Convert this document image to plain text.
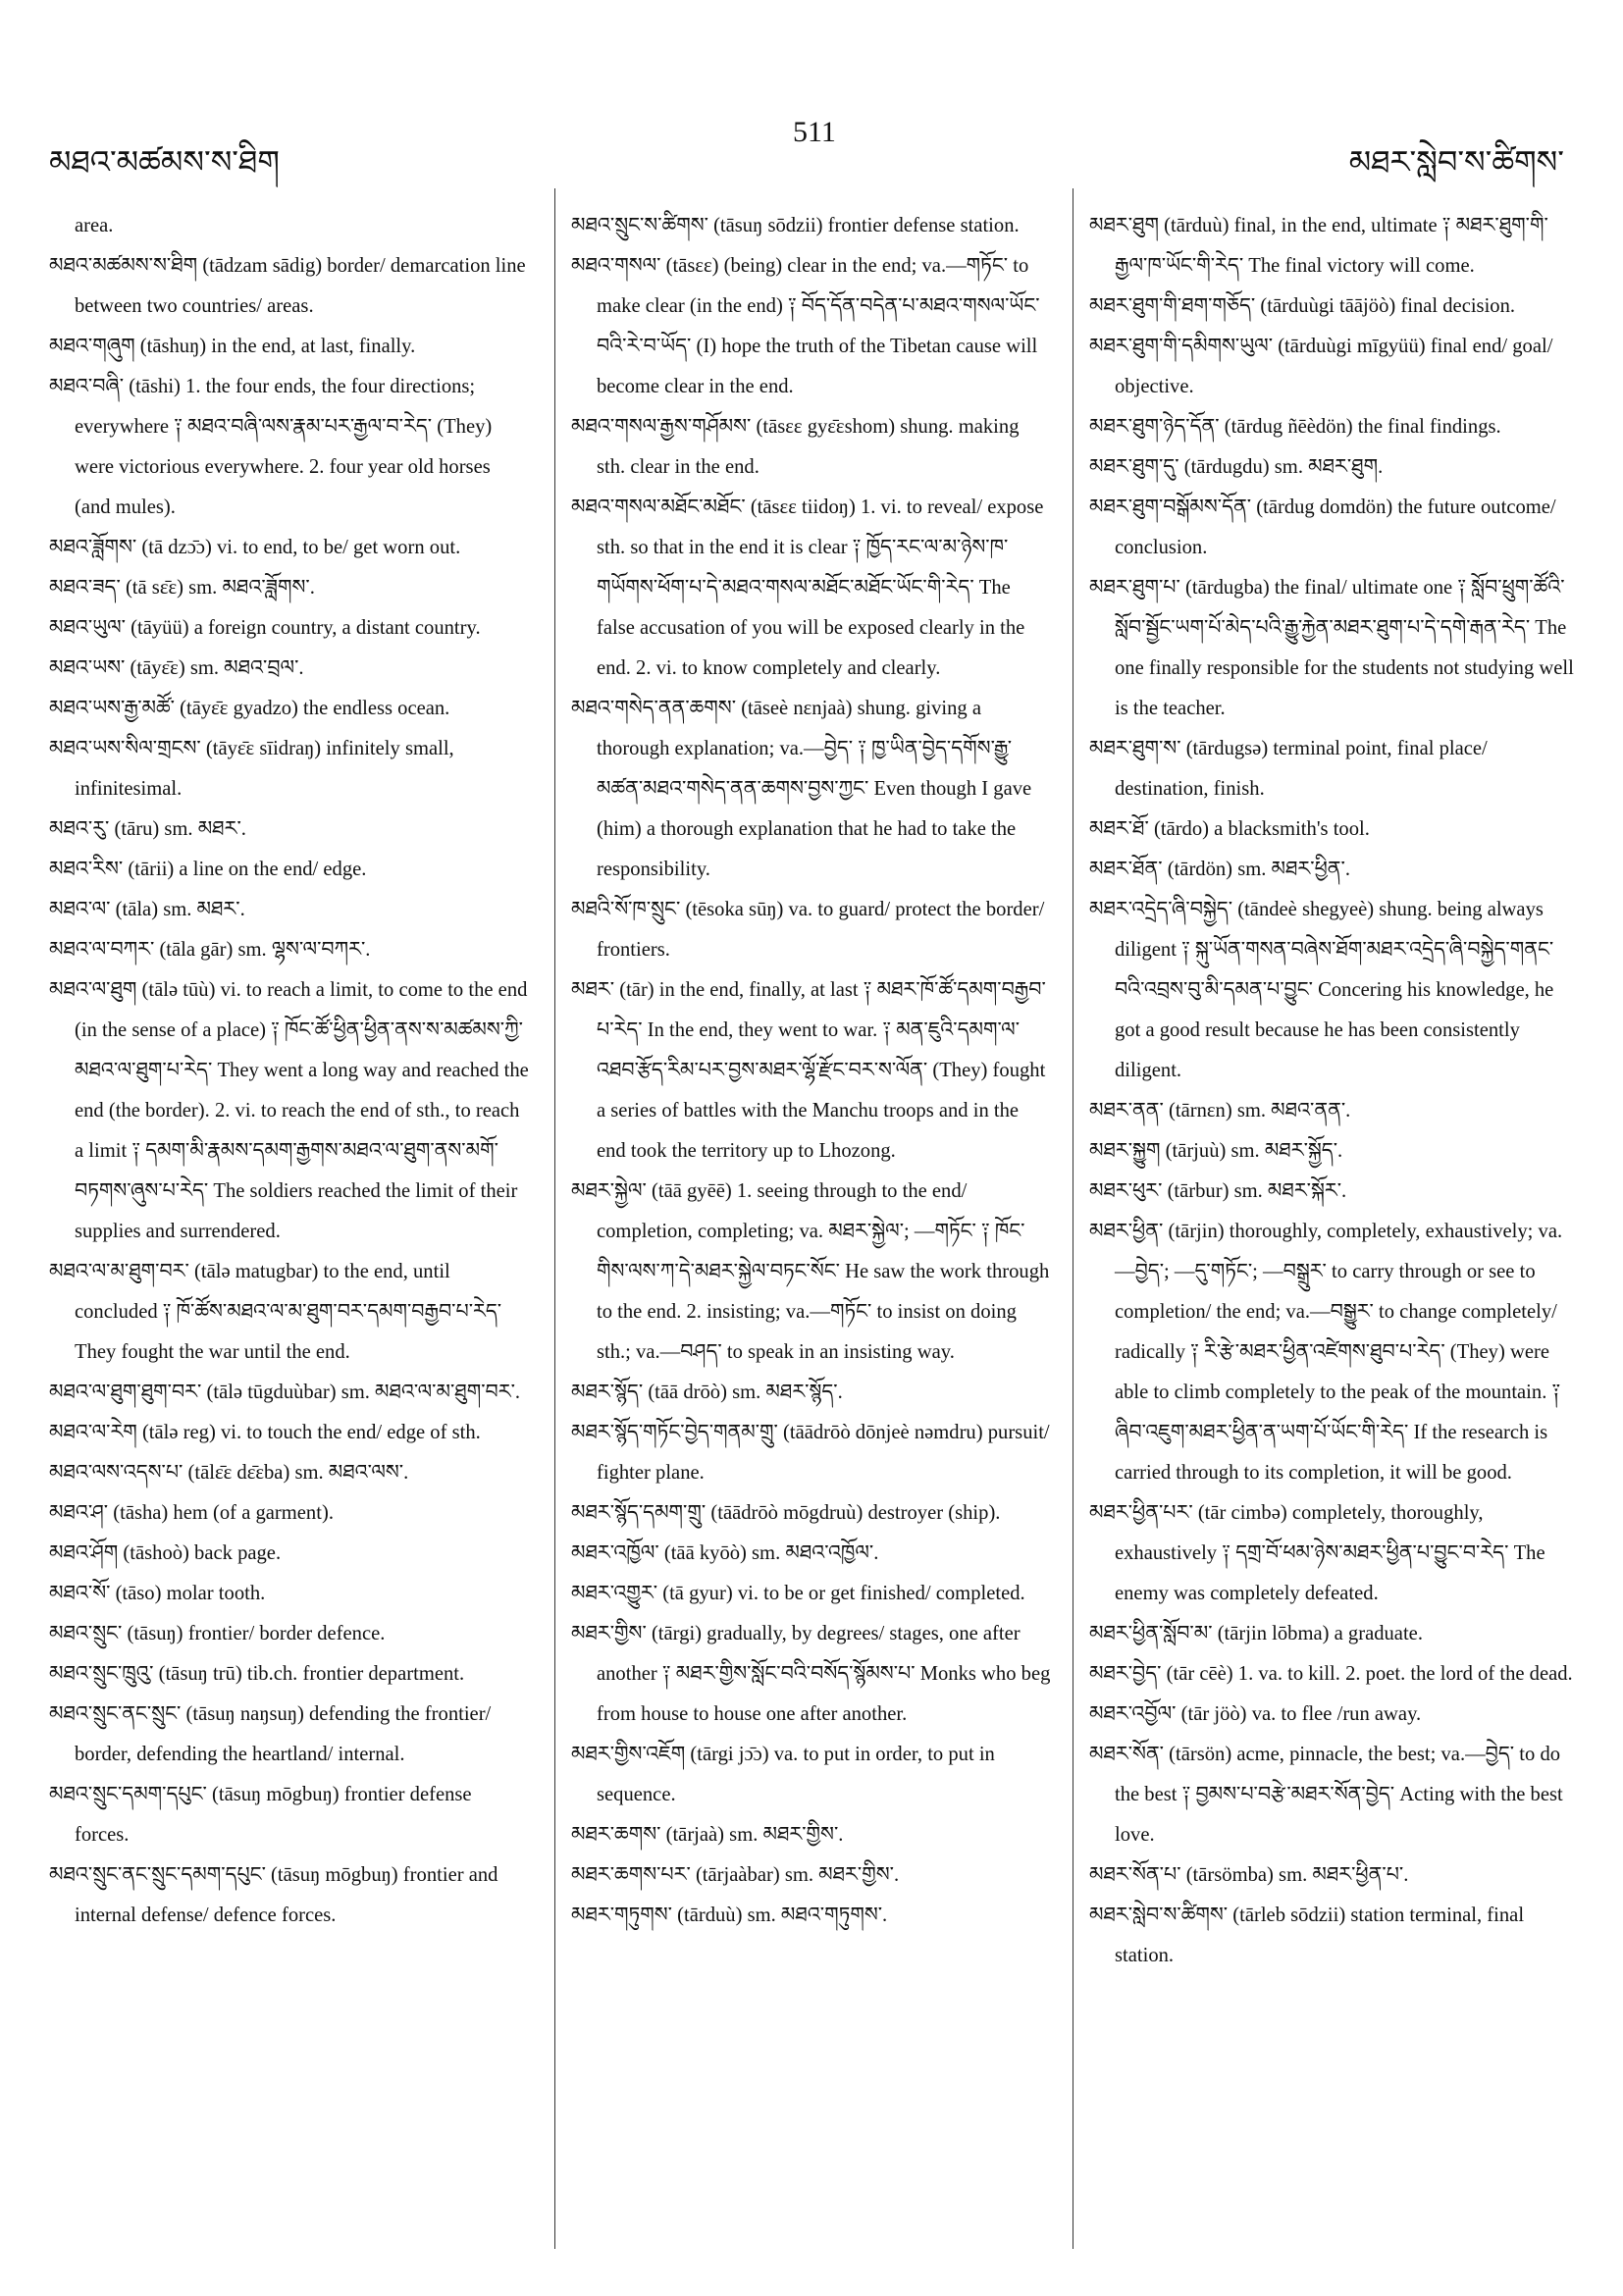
མཐའ་མཚམས་ས་ཐིག
511
མཐར་སླེབ་ས་ཚིགས་

area.

མཐའ་མཚམས་ས་ཐིག (tādzam sādig) border/ demarcation line between two countries/ areas.

མཐའ་གཞུག (tāshuŋ) in the end, at last, finally.

མཐའ་བཞི་ (tāshi) 1. the four ends, the four directions; everywhere ༑ མཐའ་བཞི་ལས་རྣམ་པར་རྒྱལ་བ་རེད་ (They) were victorious everywhere. 2. four year old horses (and mules).

མཐའ་ཟློགས་ (tā dzɔ̄ɔ) vi. to end, to be/ get worn out.

མཐའ་ཟད་ (tā sɛ̄ɛ) sm. མཐའ་ཟློགས་.

མཐའ་ཡུལ་ (tāyüü) a foreign country, a distant country.

མཐའ་ཡས་ (tāyɛ̄ɛ) sm. མཐའ་བྲལ་.

མཐའ་ཡས་རྒྱ་མཚོ་ (tāyɛ̄ɛ gyadzo) the endless ocean.

མཐའ་ཡས་སིལ་གྲངས་ (tāyɛ̄ɛ sīidraŋ) infinitely small, infinitesimal.

མཐའ་རུ་ (tāru) sm. མཐར་.

མཐའ་རིས་ (tārii) a line on the end/ edge.

མཐའ་ལ་ (tāla) sm. མཐར་.

མཐའ་ལ་བཀར་ (tāla gār) sm. ལྷས་ལ་བཀར་.

མཐའ་ལ་ཐུག (tālə tūù) vi. to reach a limit, to come to the end (in the sense of a place) ༑ ཁོང་ཚོ་ཕྱིན་ཕྱིན་ནས་ས་མཚམས་ཀྱི་མཐའ་ལ་ཐུག་པ་རེད་ They went a long way and reached the end (the border). 2. vi. to reach the end of sth., to reach a limit ༑ དམག་མི་རྣམས་དམག་རྒྱགས་མཐའ་ལ་ཐུག་ནས་མགོ་བཏགས་ཞུས་པ་རེད་ The soldiers reached the limit of their supplies and surrendered.

མཐའ་ལ་མ་ཐུག་བར་ (tālə matugbar) to the end, until concluded ༑ ཁོ་ཚོས་མཐའ་ལ་མ་ཐུག་བར་དམག་བརྒྱབ་པ་རེད་ They fought the war until the end.

མཐའ་ལ་ཐུག་ཐུག་བར་ (tālə tūgduùbar) sm. མཐའ་ལ་མ་ཐུག་བར་.

མཐའ་ལ་རེག (tālə reg) vi. to touch the end/ edge of sth.

མཐའ་ལས་འདས་པ་ (tālɛ̄ɛ dɛ̄ɛba) sm. མཐའ་ལས་.

མཐའ་ཤ་ (tāsha) hem (of a garment).

མཐའ་ཤོག (tāshoò) back page.

མཐའ་སོ་ (tāso) molar tooth.

མཐའ་སྲུང་ (tāsuŋ) frontier/ border defence.

མཐའ་སྲུང་ཁྲུའུ་ (tāsuŋ trū) tib.ch. frontier department.

མཐའ་སྲུང་ནང་སྲུང་ (tāsuŋ naŋsuŋ) defending the frontier/ border, defending the heartland/ internal.

མཐའ་སྲུང་དམག་དཔུང་ (tāsuŋ mōgbuŋ) frontier defense forces.

མཐའ་སྲུང་ནང་སྲུང་དམག་དཔུང་ (tāsuŋ mōgbuŋ) frontier and internal defense/ defence forces.

མཐའ་སྲུང་ས་ཚིགས་ (tāsuŋ sōdzii) frontier defense station.

མཐའ་གསལ་ (tāsɛɛ) (being) clear in the end; va.—གཏོང་ to make clear (in the end) ༑ བོད་དོན་བདེན་པ་མཐའ་གསལ་ཡོང་བའི་རེ་བ་ཡོད་ (I) hope the truth of the Tibetan cause will become clear in the end.

མཐའ་གསལ་རྒྱས་གཤོམས་ (tāsɛɛ gyɛ̄ɛshom) shung. making sth. clear in the end.

མཐའ་གསལ་མཐོང་མཐོང་ (tāsɛɛ tiidoŋ) 1. vi. to reveal/ expose sth. so that in the end it is clear ༑ ཁྱོད་རང་ལ་མ་ཉེས་ཁ་གཡོགས་ཕོག་པ་དེ་མཐའ་གསལ་མཐོང་མཐོང་ཡོང་གི་རེད་ The false accusation of you will be exposed clearly in the end. 2. vi. to know completely and clearly.

མཐའ་གསེད་ནན་ཆགས་ (tāseè nɛnjaà) shung. giving a thorough explanation; va.—བྱེད་ ༑ ཁྱ་ཡིན་བྱེད་དགོས་རྒྱུ་མཚན་མཐའ་གསེད་ནན་ཆགས་བྱས་ཀྱང་ Even though I gave (him) a thorough explanation that he had to take the responsibility.

མཐའི་སོ་ཁ་སྲུང་ (tēsoka sūŋ) va. to guard/ protect the border/ frontiers.

མཐར་ (tār) in the end, finally, at last ༑ མཐར་ཁོ་ཚོ་དམག་བརྒྱབ་པ་རེད་ In the end, they went to war. ༑ མན་ཇུའི་དམག་ལ་འཐབ་རྩོད་རིམ་པར་བྱས་མཐར་ལྷོ་རྫོང་བར་ས་ལོན་ (They) fought a series of battles with the Manchu troops and in the end took the territory up to Lhozong.

མཐར་སྐྱེལ་ (tāā gyēē) 1. seeing through to the end/ completion, completing; va. མཐར་སྐྱེལ་; —གཏོང་ ༑ ཁོང་གིས་ལས་ཀ་དེ་མཐར་སྐྱེལ་བཏང་སོང་ He saw the work through to the end. 2. insisting; va.—གཏོང་ to insist on doing sth.; va.—བཤད་ to speak in an insisting way.

མཐར་སྙོད་ (tāā drōò) sm. མཐར་སྙོད་.

མཐར་སྙོད་གཏོང་བྱེད་གནམ་གྲུ་ (tāādrōò dōnjeè nəmdru) pursuit/ fighter plane.

མཐར་སྙོད་དམག་གྲུ་ (tāādrōò mōgdruù) destroyer (ship).

མཐར་འཁྱོལ་ (tāā kyōò) sm. མཐའ་འཁྱོལ་.

མཐར་འགྱུར་ (tā gyur) vi. to be or get finished/ completed.

མཐར་གྱིས་ (tārgi) gradually, by degrees/ stages, one after another ༑ མཐར་གྱིས་སློང་བའི་བསོད་སྙོམས་པ་ Monks who beg from house to house one after another.

མཐར་གྱིས་འཇོག (tārgi jɔ̄ɔ) va. to put in order, to put in sequence.

མཐར་ཆགས་ (tārjaà) sm. མཐར་གྱིས་.

མཐར་ཆགས་པར་ (tārjaàbar) sm. མཐར་གྱིས་.

མཐར་གཏུགས་ (tārduù) sm. མཐའ་གཏུགས་.

མཐར་ཐུག (tārduù) final, in the end, ultimate ༑ མཐར་ཐུག་གི་རྒྱལ་ཁ་ཡོང་གི་རེད་ The final victory will come.

མཐར་ཐུག་གི་ཐག་གཅོད་ (tārduùgi tāājöò) final decision.

མཐར་ཐུག་གི་དམིགས་ཡུལ་ (tārduùgi mīgyüü) final end/ goal/ objective.

མཐར་ཐུག་ཉེད་དོན་ (tārdug ñēèdön) the final findings.

མཐར་ཐུག་དུ་ (tārdugdu) sm. མཐར་ཐུག.

མཐར་ཐུག་བསྒོམས་དོན་ (tārdug domdön) the future outcome/ conclusion.

མཐར་ཐུག་པ་ (tārdugba) the final/ ultimate one ༑ སློབ་ཕྲུག་ཚོའི་སློབ་སྦྱོང་ཡག་པོ་མེད་པའི་རྒྱུ་རྐྱེན་མཐར་ཐུག་པ་དེ་དགེ་རྒན་རེད་ The one finally responsible for the students not studying well is the teacher.

མཐར་ཐུག་ས་ (tārdugsə) terminal point, final place/ destination, finish.

མཐར་ཐོ་ (tārdo) a blacksmith's tool.

མཐར་ཐོན་ (tārdön) sm. མཐར་ཕྱིན་.

མཐར་འདྲེད་ཞི་བསྐྱེད་ (tāndeè shegyeè) shung. being always diligent ༑ སྐུ་ཡོན་གསན་བཞེས་ཐོག་མཐར་འདྲེད་ཞི་བསྐྱེད་གནང་བའི་འབྲས་བུ་མི་དམན་པ་བྱུང་ Concering his knowledge, he got a good result because he has been consistently diligent.

མཐར་ནན་ (tārnɛn) sm. མཐའ་ནན་.

མཐར་སྐྱུག (tārjuù) sm. མཐར་སྐྱོད་.

མཐར་ཕུར་ (tārbur) sm. མཐར་སྐོར་.

མཐར་ཕྱིན་ (tārjin) thoroughly, completely, exhaustively; va.—བྱེད་; —དུ་གཏོང་; —བསྒྲུར་ to carry through or see to completion/ the end; va.—བསྒྱུར་ to change completely/ radically ༑ རི་རྩེ་མཐར་ཕྱིན་འཛེགས་ཐུབ་པ་རེད་ (They) were able to climb completely to the peak of the mountain. ༑ ཞིབ་འཇུག་མཐར་ཕྱིན་ན་ཡག་པོ་ཡོང་གི་རེད་ If the research is carried through to its completion, it will be good.

མཐར་ཕྱིན་པར་ (tār cimbə) completely, thoroughly, exhaustively ༑ དགྲ་བོ་ཕམ་ཉེས་མཐར་ཕྱིན་པ་བྱུང་བ་རེད་ The enemy was completely defeated.

མཐར་ཕྱིན་སློབ་མ་ (tārjin lōbma) a graduate.

མཐར་བྱེད་ (tār cēè) 1. va. to kill. 2. poet. the lord of the dead.

མཐར་འབྱོལ་ (tār jöò) va. to flee /run away.

མཐར་སོན་ (tārsön) acme, pinnacle, the best; va.—བྱེད་ to do the best ༑ བྱམས་པ་བརྩེ་མཐར་སོན་བྱེད་ Acting with the best love.

མཐར་སོན་པ་ (tārsömba) sm. མཐར་ཕྱིན་པ་.

མཐར་སླེབ་ས་ཚིགས་ (tārleb sōdzii) station terminal, final station.
